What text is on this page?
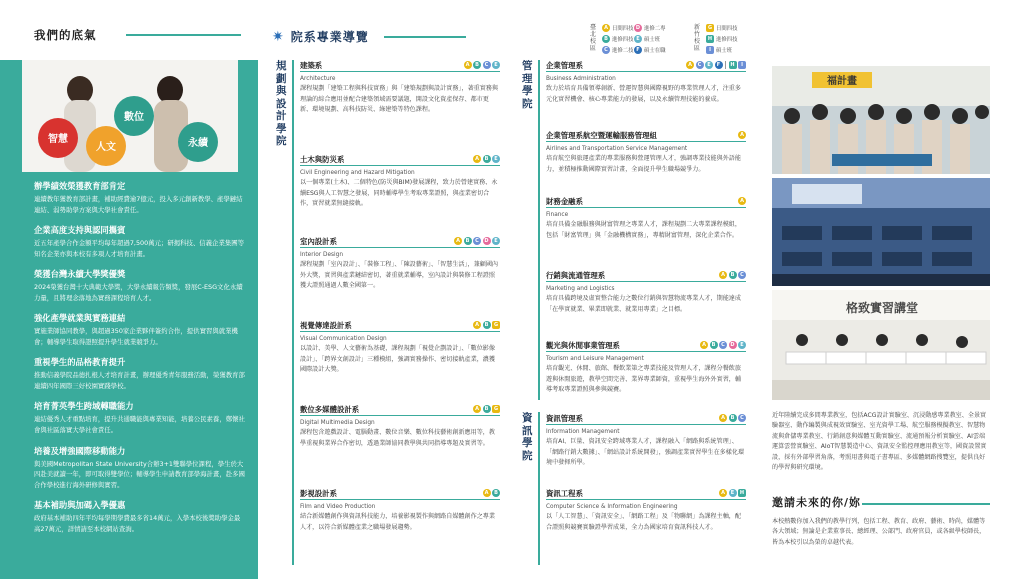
我們的底氣
智慧
人文
數位
永續
辦學績效榮獲教育部肯定
連續教年獲教育部計畫，補助經費逾7億元，投入多元創新教學、產學鏈結連結、弱勢助學方案與大學社會責任。
企業高度支持與認同攜賓
近五年產學合作金額平均每年超過7,500萬元；研揭科技、信義企業集團等知名企業亦與本校有多項人才培育計畫。
榮獲台灣永續大學獎優獎
2024榮獲台灣十大典範大學獎，大學永續報告類獎，發展C-ESG文化永續力量，且將理念落地為實務課程培育人才。
強化產學就業與實務連結
實施業師協同教學，與超過350家企業夥伴簽約合作，提供實習與就業機會；輔導學生取得證照提升學生就業競爭力。
重視學生的品格教育提升
推動信義學院品德扎根人才培育計畫，辦理優秀青年服務活動，榮獲教育部連續四年國際三好校園實踐學校。
培育菁英學生跨域轉職能力
連結優秀人才重點培育，提升共通職能與專業知能，培養公民素養，鄭懷社會與社區落實大學社會責任。
培養及增強國際移動能力
與美國Metropolitan State University合辦3+1雙聯學位課程，學生於大四赴美就讀一年，即可取得雙學位；輔導學生申請教育部學海計畫，赴多國合作學校進行海外研修與實習。
基本補助與加碼入學優惠
政府基本補助四年平均每學期學費最多省14萬元，入學本校後獎助學金最高27萬元，詳情請至本校網站查詢。
✷ 院系專業導覽
臺北校區
A 日間四技 D 進修二專
B 進修四技 E 碩士班
C 進修二技 F 碩士在職
新竹校區
G 日間四技
H 進修四技
I 碩士班
規劃與設計學院
管理學院
資訊學院
建築系	A	B	C	E
Architecture
課程規劃「建築工程與科技實務」與「建築規劃與設計實務」，著重實務與理論的綜合應用並配合建築領域需要議題，開設文化資產保存、都市更新、環境規劃、高科技防災、綠建築等特色課程。
土木與防災系	A	B	E
Civil Engineering and Hazard Mitigation
以一個專業(土木)、二個特色(防災與BIM)發展課程，致力於營建實務、永續ESG與人工智慧之發展，同時輔導學生考取專業證照，與產業密切合作，實習就業無縫接軌。
室內設計系	A	B	C	D	E
Interior Design
課程規劃「室內設計」、「裝修工程」、「陳設藝術」、「智慧生活」，兼顧國內外大獎，實習與產業鏈結密切，著重就業輔導，室內設計與裝修工程證照獲大證照通過人數全國第一。
視覺傳達設計系	A	B	G
Visual Communication Design
以設計、美學、人文藝術為基礎，課程規劃「視覺企劃設計」、「數位影像設計」、「跨界文創設計」三種模組，強調實務操作、密切接軌產業，濃獲國際設計大獎。
數位多媒體設計系	A	B	G
Digital Multimedia Design
課程包含遊戲設計、電腦動畫、數位音樂、數位科技藝術創新應用等，教學重視與業界合作密切，透過業師協同教學與共同指導專題及實習等。
影視設計系	A	B
Film and Video Production
結合新媒體創作與資訊科技能力，培養影視製作與網路自媒體創作之專業人才，以符合新媒體產業之職場發展趨勢。
企業管理系	A	C	E	F	H	I
Business Administration
致力於培育具備領導創新、營運智慧與國際視野的專業管理人才，注重多元化實習機會、核心專業能力的發展，以及永續管理技能的養成。
企業管理系航空暨運輸服務管理組	A
Airlines and Transportation Service Management
培育航空與旅運產業的專業服務與營運管理人才，強調專業技能與外語能力，並積極推動國際實習計畫，全面提升學生職場競爭力。
財務金融系	A
Finance
培育具備金融服務與財富管理之專業人才，課程規劃二大專業課程模組，包括「財富管理」與「金融機構實務」，專精財富管理，深化企業合作。
行銷與流通管理系	A	B	C
Marketing and Logistics
培育具備跨境及虛實整合能力之數位行銷與智慧物流專業人才，期能達成「在學實就業、畢業即就業、就業用專業」之目標。
觀光與休閒事業管理系	A	B	C	D	E
Tourism and Leisure Management
培育觀光、休閒、旅館、餐飲業第之專業技能及管理人才，課程分餐飲旅遊與休閒旅遊，教學空間完善、業界專業師資，重視學生海外外實習，輔導考取專業證照與參與競賽。
資訊管理系	A	B	C
Information Management
培育AI、巨量、資訊安全跨域專業人才，課程融入「網路與系統管理」、「網路行銷大數據」、「網站設計系統開發」，強調產業實習學生在多樣化環境中發揮所學。
資訊工程系	A	E	H
Computer Science & Information Engineering
以「人工智慧」、「資訊安全」、「網路工程」及「物聯網」為課程主軸，配合證照與競賽實驗證學習成果，全力為國家培育資訊科技人才。
福計畫
格致實習講堂
近年陸續完成多間專業教室，包括ACG設計實驗室、沉浸動感專業教室、全景實驗器室、動作編製與成視效實驗室、室光資學工場、航空服務模擬教室、智慧物流與倉儲專業教室、行銷創意與媒體互動實驗室、流通預報分析實驗室、AI雲端運算雲營實驗室、AIoT智慧製造中心、資訊安全監控理應用教室等，國資設置實設，採有外部學習角落，考照用書與電子書專區、多媒體網路搜覽室，提供良好的學習與研究環境。
邀請未來的你/妳
本校熱數你加入我們的教學行列，包括工程、教育、政府、藝術、時尚，媒體等各大領域；無論是企業董事長、總經理、公部門、政府官員，或各級學校師長，皆為本校引以為榮的卓越代表。
